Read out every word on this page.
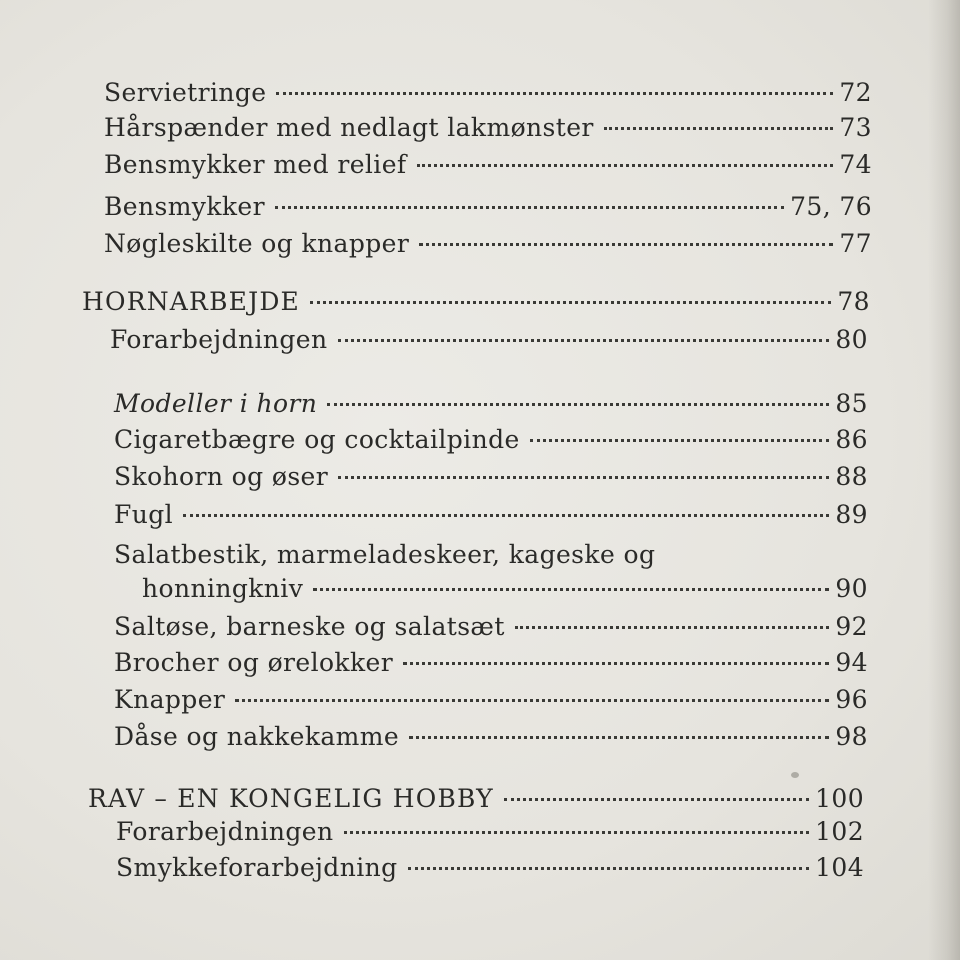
Servietringe	72
Hårspænder med nedlagt lakmønster	73
Bensmykker med relief	74
Bensmykker	75, 76
Nøgleskilte og knapper	77
HORNARBEJDE	78
Forarbejdningen	80
Modeller i horn	85
Cigaretbægre og cocktailpinde	86
Skohorn og øser	88
Fugl	89
Salatbestik, marmeladeskeer, kageske og
honningkniv	90
Saltøse, barneske og salatsæt	92
Brocher og ørelokker	94
Knapper	96
Dåse og nakkekamme	98
RAV – EN KONGELIG HOBBY	100
Forarbejdningen	102
Smykkeforarbejdning	104
